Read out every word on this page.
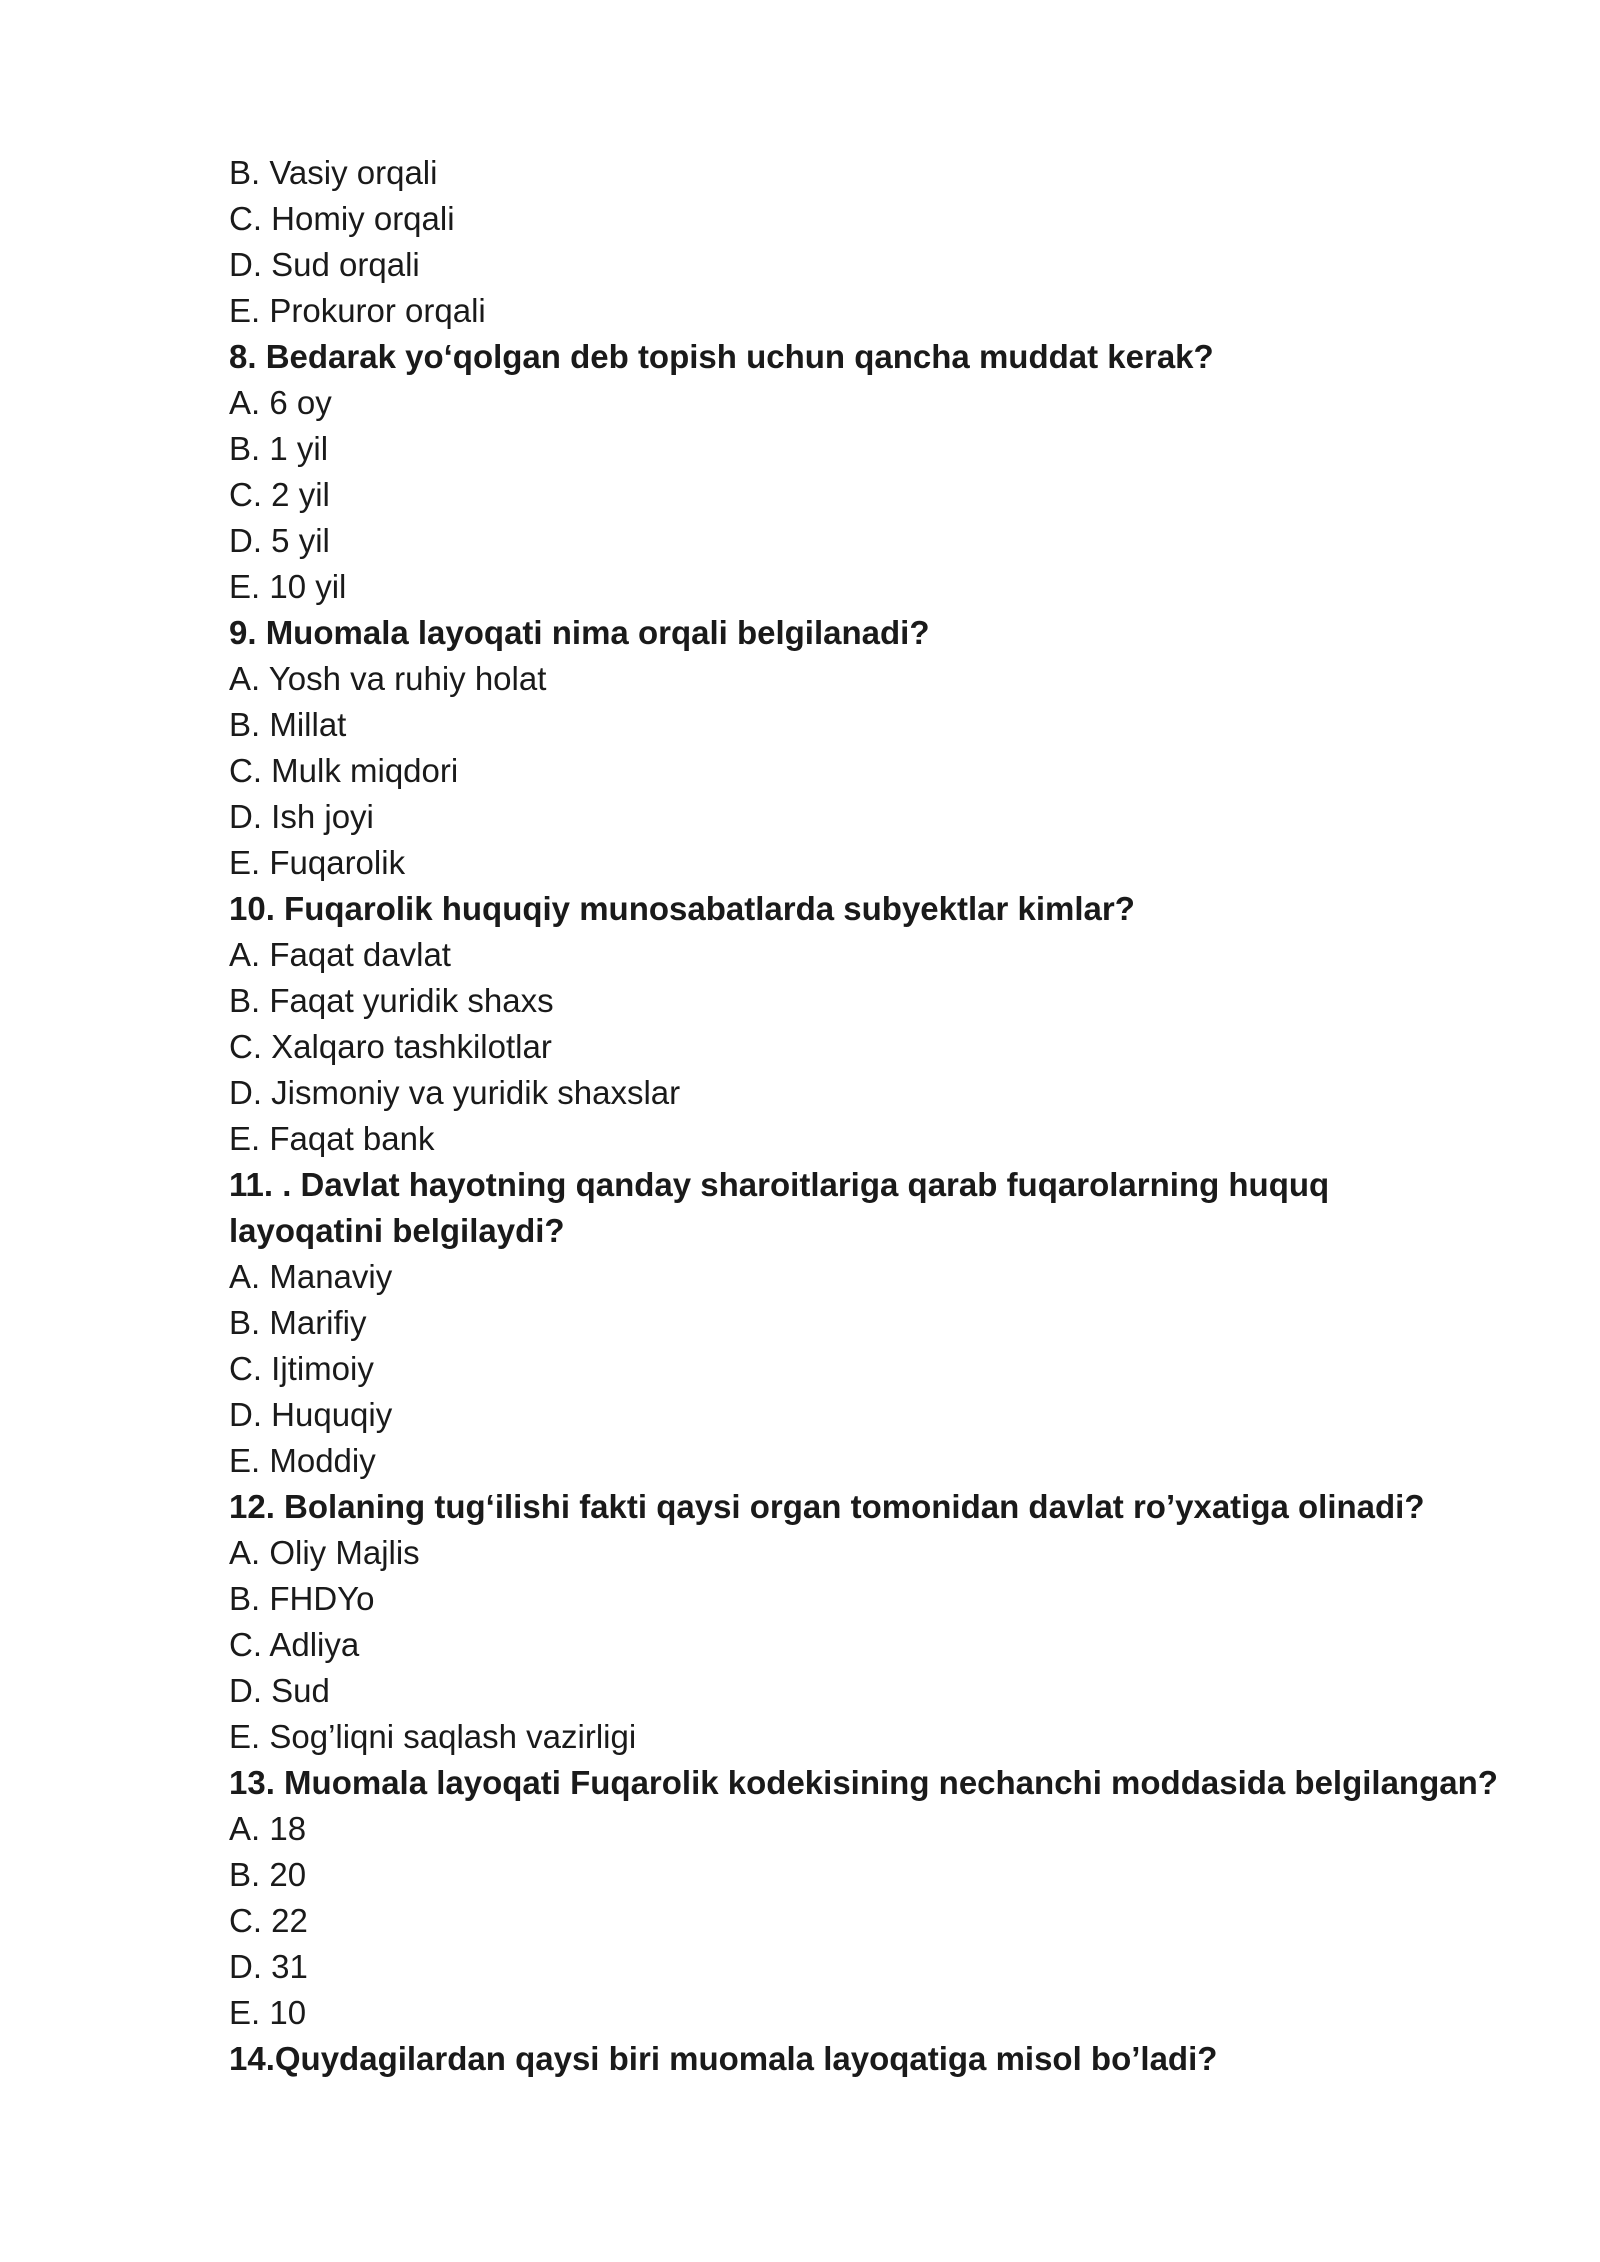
B. Vasiy orqali

C. Homiy orqali

D. Sud orqali

E. Prokuror orqali

8. Bedarak yo‘qolgan deb topish uchun qancha muddat kerak?

A. 6 oy

B. 1 yil

C. 2 yil

D. 5 yil

E. 10 yil

9. Muomala layoqati nima orqali belgilanadi?

A. Yosh va ruhiy holat

B. Millat

C. Mulk miqdori

D. Ish joyi

E. Fuqarolik

10. Fuqarolik huquqiy munosabatlarda subyektlar kimlar?

A. Faqat davlat

B. Faqat yuridik shaxs

C. Xalqaro tashkilotlar

D. Jismoniy va yuridik shaxslar

E. Faqat bank

11. . Davlat hayotning qanday sharoitlariga qarab fuqarolarning huquq layoqatini belgilaydi?

A. Manaviy

B. Marifiy

C. Ijtimoiy

D. Huquqiy

E. Moddiy

12. Bolaning tug‘ilishi fakti qaysi organ tomonidan davlat ro’yxatiga olinadi?

A. Oliy Majlis

B. FHDYo

C. Adliya

D. Sud

E. Sog’liqni saqlash vazirligi

13. Muomala layoqati Fuqarolik kodekisining nechanchi moddasida belgilangan?

A. 18

B. 20

C. 22

D. 31

E. 10

14.Quydagilardan qaysi biri muomala layoqatiga misol bo’ladi?
